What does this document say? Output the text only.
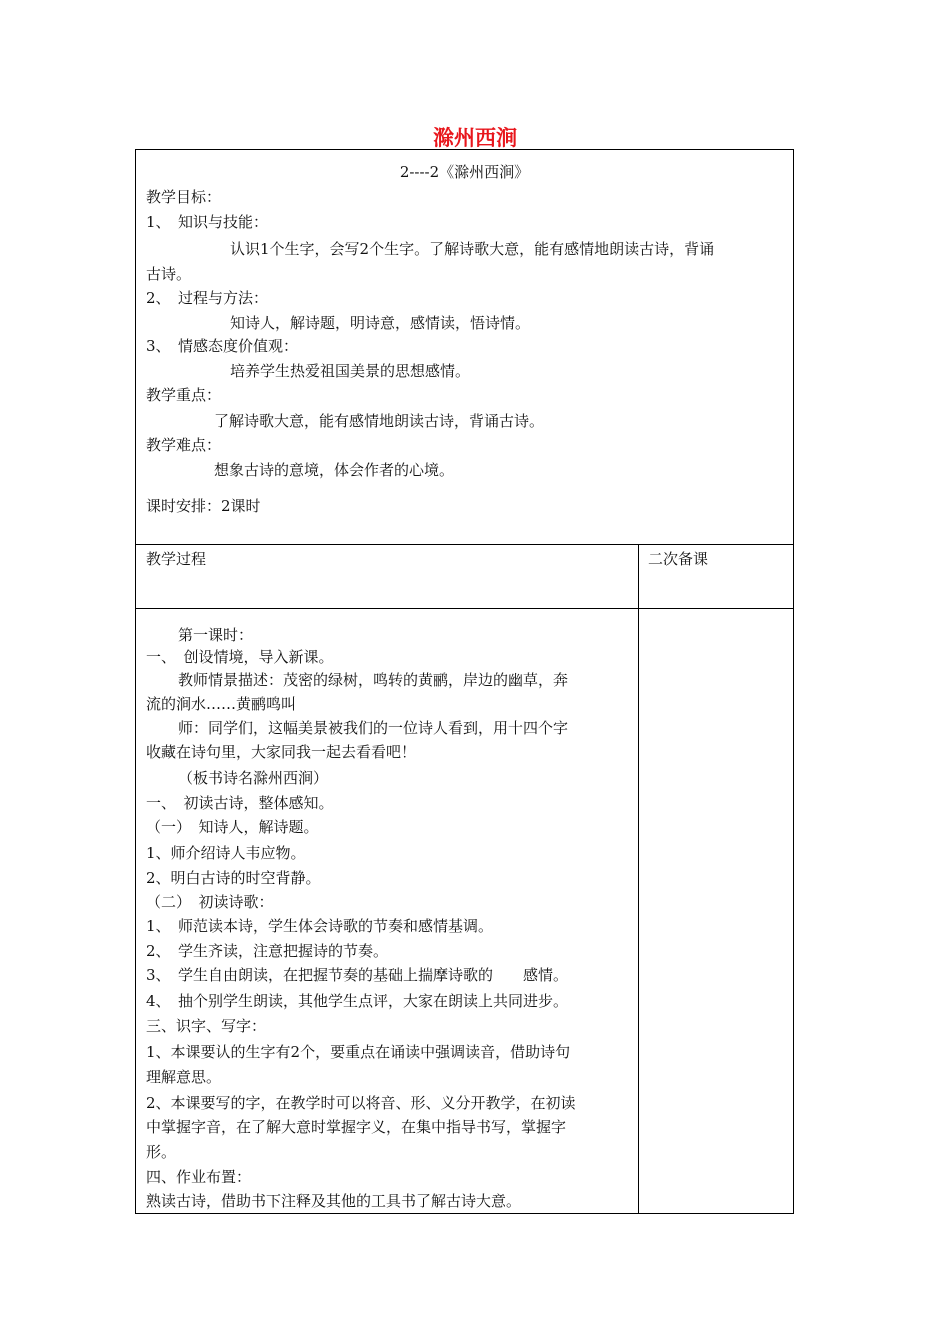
滁州西涧
2----2《滁州西涧》
教学目标：
1、　知识与技能：
认识1个生字，会写2个生字。了解诗歌大意，能有感情地朗读古诗，背诵
古诗。
2、　过程与方法：
知诗人，解诗题，明诗意，感情读，悟诗情。
3、　情感态度价值观：
培养学生热爱祖国美景的思想感情。
教学重点：
了解诗歌大意，能有感情地朗读古诗，背诵古诗。
教学难点：
想象古诗的意境，体会作者的心境。
课时安排：2课时
教学过程	二次备课
第一课时：
一、　创设情境，导入新课。
教师情景描述：茂密的绿树，鸣转的黄鹂，岸边的幽草，奔
流的涧水……黄鹂鸣叫
师：同学们，这幅美景被我们的一位诗人看到，用十四个字
收藏在诗句里，大家同我一起去看看吧！
（板书诗名滁州西涧）
一、　初读古诗，整体感知。
（一）　知诗人，解诗题。
1、师介绍诗人韦应物。
2、明白古诗的时空背静。
（二）　初读诗歌：
1、　师范读本诗，学生体会诗歌的节奏和感情基调。
2、　学生齐读，注意把握诗的节奏。
3、　学生自由朗读，在把握节奏的基础上揣摩诗歌的　　感情。
4、　抽个别学生朗读，其他学生点评，大家在朗读上共同进步。
三、识字、写字：
1、本课要认的生字有2个，要重点在诵读中强调读音，借助诗句
理解意思。
2、本课要写的字，在教学时可以将音、形、义分开教学，在初读
中掌握字音，在了解大意时掌握字义，在集中指导书写，掌握字
形。
四、作业布置：
熟读古诗，借助书下注释及其他的工具书了解古诗大意。
